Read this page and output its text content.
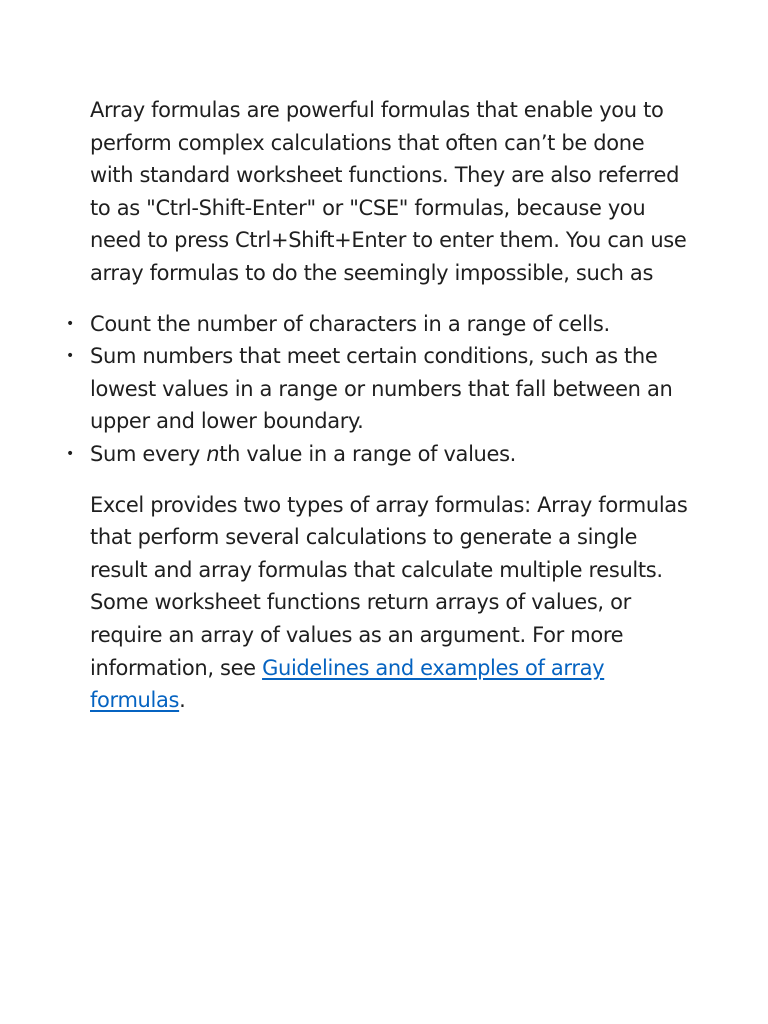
Array formulas are powerful formulas that enable you to perform complex calculations that often can’t be done with standard worksheet functions. They are also referred to as "Ctrl-Shift-Enter" or "CSE" formulas, because you need to press Ctrl+Shift+Enter to enter them. You can use array formulas to do the seemingly impossible, such as

• Count the number of characters in a range of cells.
• Sum numbers that meet certain conditions, such as the lowest values in a range or numbers that fall between an upper and lower boundary.
• Sum every nth value in a range of values.

Excel provides two types of array formulas: Array formulas that perform several calculations to generate a single result and array formulas that calculate multiple results. Some worksheet functions return arrays of values, or require an array of values as an argument. For more information, see Guidelines and examples of array formulas.
